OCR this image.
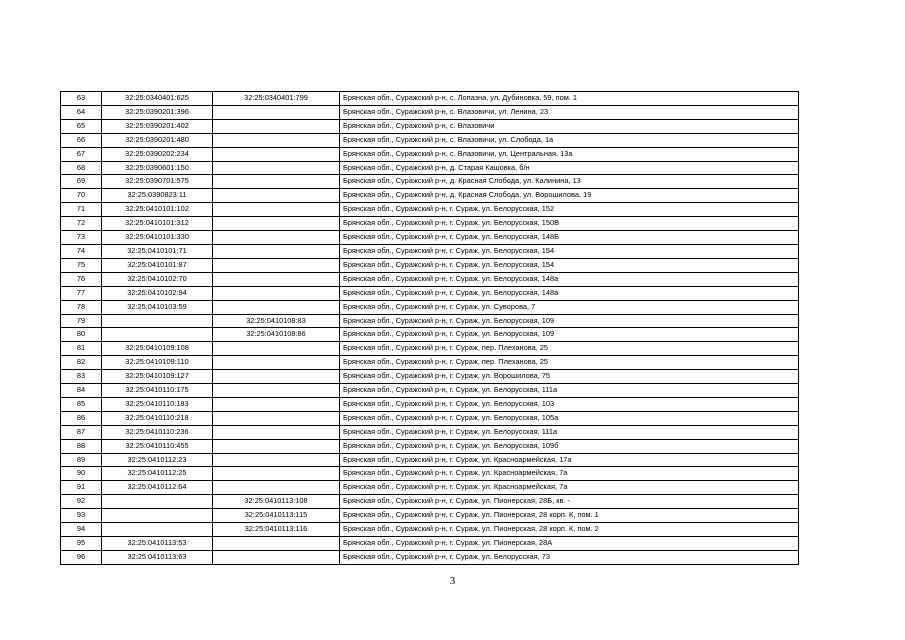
63	32:25:0340401:625	32:25:0340401:799	Брянская обл., Суражский р-н, с. Лопазна, ул. Дубиновка, 59, пом. 1
64	32:25:0390201:396		Брянская обл., Суражский р-н, с. Влазовичи, ул. Ленина, 23
65	32:25:0390201:402		Брянская обл., Суражский р-н, с. Влазовичи
66	32:25:0390201:480		Брянская обл., Суражский р-н, с. Влазовичи, ул. Слобода, 1а
67	32:25:0390202:234		Брянская обл., Суражский р-н, с. Влазовичи, ул. Центральная, 13а
68	32:25:0390601:150		Брянская обл., Суражский р-н, д. Старая Кашовка, б/н
69	32:25:0390701:575		Брянская обл., Суражский р-н, д. Красная Слобода, ул. Калинина, 13
70	32:25:0390823:11		Брянская обл., Суражский р-н, д. Красная Слобода, ул. Ворошилова, 19
71	32:25:0410101:102		Брянская обл., Суражский р-н, г. Сураж, ул. Белорусская, 152
72	32:25:0410101:312		Брянская обл., Суражский р-н, г. Сураж, ул. Белорусская, 150В
73	32:25:0410101:330		Брянская обл., Суражский р-н, г. Сураж, ул. Белорусская, 148Б
74	32:25:0410101:71		Брянская обл., Суражский р-н, г. Сураж, ул. Белорусская, 154
75	32:25:0410101:87		Брянская обл., Суражский р-н, г. Сураж, ул. Белорусская, 154
76	32:25:0410102:70		Брянская обл., Суражский р-н, г. Сураж, ул. Белорусская, 148а
77	32:25:0410102:94		Брянская обл., Суражский р-н, г. Сураж, ул. Белорусская, 148а
78	32:25:0410103:59		Брянская обл., Суражский р-н, г. Сураж, ул. Суворова, 7
79		32:25:0410108:83	Брянская обл., Суражский р-н, г. Сураж, ул. Белорусская, 109
80		32:25:0410108:86	Брянская обл., Суражский р-н, г. Сураж, ул. Белорусская, 109
81	32:25:0410109:108		Брянская обл., Суражский р-н, г. Сураж, пер. Плеханова, 25
82	32:25:0410109:110		Брянская обл., Суражский р-н, г. Сураж, пер. Плеханова, 25
83	32:25:0410109:127		Брянская обл., Суражский р-н, г. Сураж, ул. Ворошилова, 75
84	32:25:0410110:175		Брянская обл., Суражский р-н, г. Сураж, ул. Белорусская, 111а
85	32:25:0410110:183		Брянская обл., Суражский р-н, г. Сураж, ул. Белорусская, 103
86	32:25:0410110:218		Брянская обл., Суражский р-н, г. Сураж, ул. Белорусская, 105а
87	32:25:0410110:236		Брянская обл., Суражский р-н, г. Сураж, ул. Белорусская, 111а
88	32:25:0410110:455		Брянская обл., Суражский р-н, г. Сураж, ул. Белорусская, 109б
89	32:25:0410112:23		Брянская обл., Суражский р-н, г. Сураж, ул. Красноармейская, 17а
90	32:25:0410112:25		Брянская обл., Суражский р-н, г. Сураж, ул. Красноармейская, 7а
91	32:25:0410112:64		Брянская обл., Суражский р-н, г. Сураж, ул. Красноармейская, 7а
92		32:25:0410113:108	Брянская обл., Суражский р-н, г. Сураж, ул. Пионерская, 28Б, кв. -
93		32:25:0410113:115	Брянская обл., Суражский р-н, г. Сураж, ул. Пионерская, 28 корп. К, пом. 1
94		32:25:0410113:116	Брянская обл., Суражский р-н, г. Сураж, ул. Пионерская, 28 корп. К, пом. 2
95	32:25:0410113:53		Брянская обл., Суражский р-н, г. Сураж, ул. Пионерская, 28А
96	32:25:0410113:63		Брянская обл., Суражский р-н, г. Сураж, ул. Белорусская, 73
3
